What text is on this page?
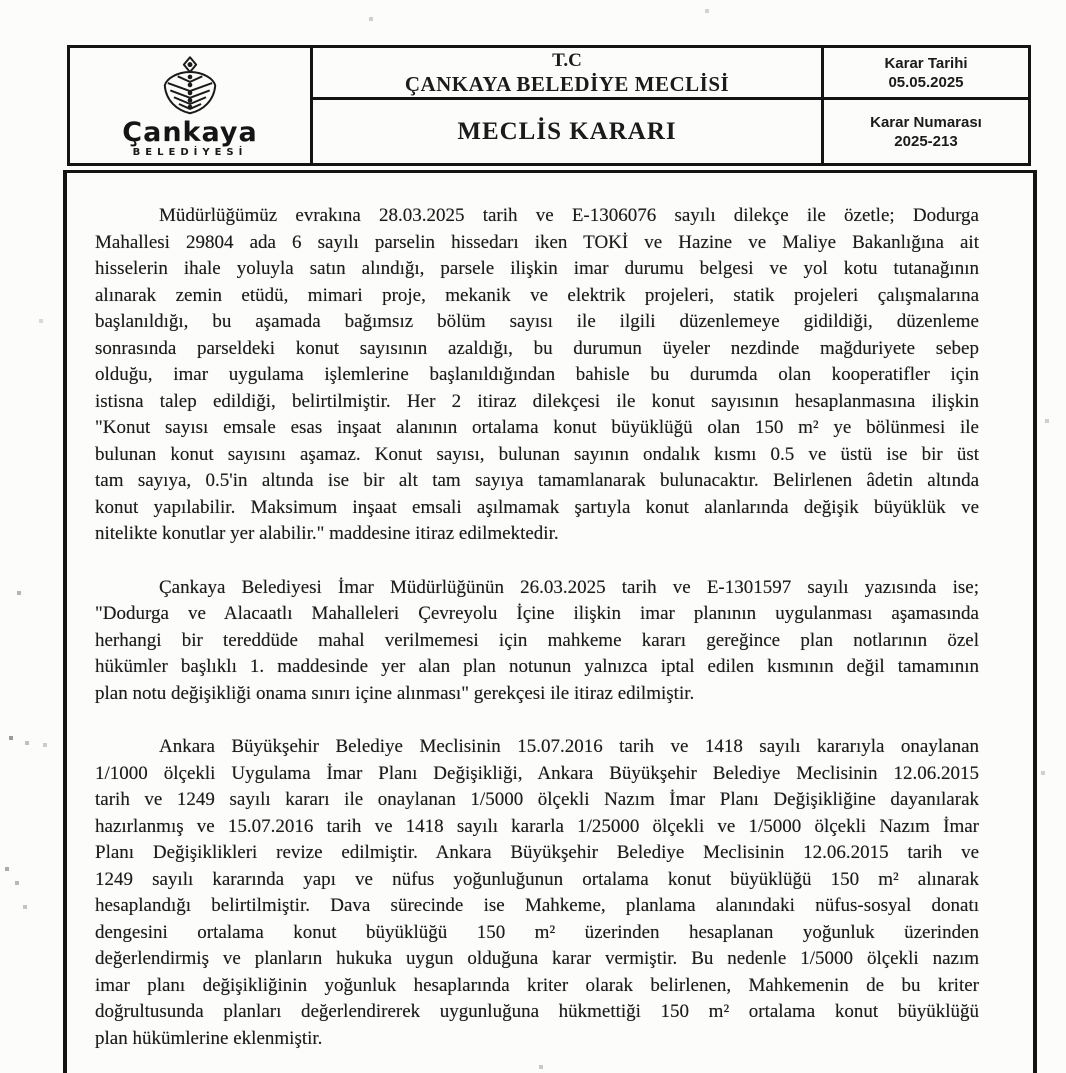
Çankaya
BELEDİYESİ
T.C
ÇANKAYA BELEDİYE MECLİSİ
MECLİS KARARI
Karar Tarihi
05.05.2025
Karar Numarası
2025-213
Müdürlüğümüz evrakına 28.03.2025 tarih ve E-1306076 sayılı dilekçe ile özetle; Dodurga
Mahallesi 29804 ada 6 sayılı parselin hissedarı iken TOKİ ve Hazine ve Maliye Bakanlığına ait
hisselerin ihale yoluyla satın alındığı, parsele ilişkin imar durumu belgesi ve yol kotu tutanağının
alınarak zemin etüdü, mimari proje, mekanik ve elektrik projeleri, statik projeleri çalışmalarına
başlanıldığı, bu aşamada bağımsız bölüm sayısı ile ilgili düzenlemeye gidildiği, düzenleme
sonrasında parseldeki konut sayısının azaldığı, bu durumun üyeler nezdinde mağduriyete sebep
olduğu, imar uygulama işlemlerine başlanıldığından bahisle bu durumda olan kooperatifler için
istisna talep edildiği, belirtilmiştir. Her 2 itiraz dilekçesi ile konut sayısının hesaplanmasına ilişkin
"Konut sayısı emsale esas inşaat alanının ortalama konut büyüklüğü olan 150 m² ye bölünmesi ile
bulunan konut sayısını aşamaz. Konut sayısı, bulunan sayının ondalık kısmı 0.5 ve üstü ise bir üst
tam sayıya, 0.5'in altında ise bir alt tam sayıya tamamlanarak bulunacaktır. Belirlenen âdetin altında
konut yapılabilir. Maksimum inşaat emsali aşılmamak şartıyla konut alanlarında değişik büyüklük ve
nitelikte konutlar yer alabilir." maddesine itiraz edilmektedir.
Çankaya Belediyesi İmar Müdürlüğünün 26.03.2025 tarih ve E-1301597 sayılı yazısında ise;
"Dodurga ve Alacaatlı Mahalleleri Çevreyolu İçine ilişkin imar planının uygulanması aşamasında
herhangi bir tereddüde mahal verilmemesi için mahkeme kararı gereğince plan notlarının özel
hükümler başlıklı 1. maddesinde yer alan plan notunun yalnızca iptal edilen kısmının değil tamamının
plan notu değişikliği onama sınırı içine alınması" gerekçesi ile itiraz edilmiştir.
Ankara Büyükşehir Belediye Meclisinin 15.07.2016 tarih ve 1418 sayılı kararıyla onaylanan
1/1000 ölçekli Uygulama İmar Planı Değişikliği, Ankara Büyükşehir Belediye Meclisinin 12.06.2015
tarih ve 1249 sayılı kararı ile onaylanan 1/5000 ölçekli Nazım İmar Planı Değişikliğine dayanılarak
hazırlanmış ve 15.07.2016 tarih ve 1418 sayılı kararla 1/25000 ölçekli ve 1/5000 ölçekli Nazım İmar
Planı Değişiklikleri revize edilmiştir. Ankara Büyükşehir Belediye Meclisinin 12.06.2015 tarih ve
1249 sayılı kararında yapı ve nüfus yoğunluğunun ortalama konut büyüklüğü 150 m² alınarak
hesaplandığı belirtilmiştir. Dava sürecinde ise Mahkeme, planlama alanındaki nüfus-sosyal donatı
dengesini ortalama konut büyüklüğü 150 m² üzerinden hesaplanan yoğunluk üzerinden
değerlendirmiş ve planların hukuka uygun olduğuna karar vermiştir. Bu nedenle 1/5000 ölçekli nazım
imar planı değişikliğinin yoğunluk hesaplarında kriter olarak belirlenen, Mahkemenin de bu kriter
doğrultusunda planları değerlendirerek uygunluğuna hükmettiği 150 m² ortalama konut büyüklüğü
plan hükümlerine eklenmiştir.
